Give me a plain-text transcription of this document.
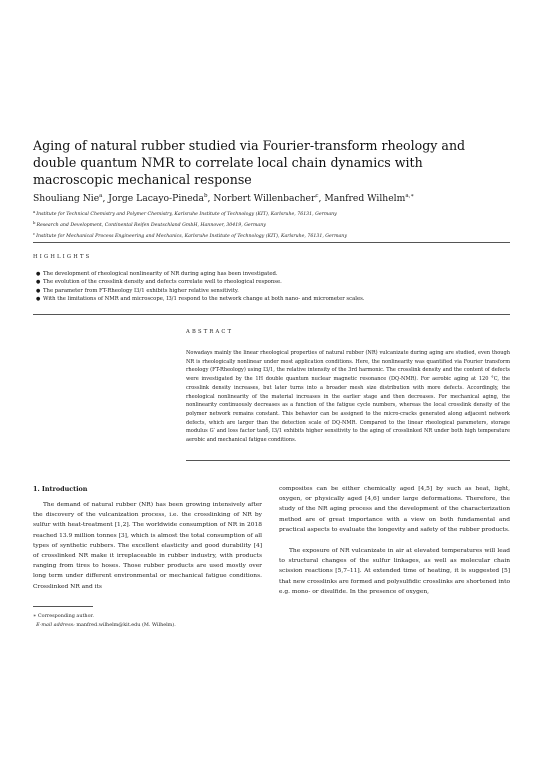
Aging of natural rubber studied via Fourier-transform rheology and double quantum NMR to correlate local chain dynamics with macroscopic mechanical response
Shouliang Nie$^a$, Jorge Lacayo-Pineda$^b$, Norbert Willenbacher$^c$, Manfred Wilhelm$^{a,∗}$
$^a$Institute for Technical Chemistry and Polymer Chemistry, Karlsruhe Institute of Technology (KIT), Karlsruhe, 76131, Germany
$^b$Research and Development, Continental Reifen Deutschland GmbH, Hannover, 30419, Germany
$^c$Institute for Mechanical Process Engineering and Mechanics, Karlsruhe Institute of Technology (KIT), Karlsruhe, 76131, Germany
HIGHLIGHTS
● The development of rheological nonlinearity of NR during aging has been investigated.
● The evolution of the crosslink density and defects correlate well to rheological response.
● The parameter from FT-Rheology I3/1 exhibits higher relative sensitivity.
● With the limitations of NMR and microscope, I3/1 respond to the network change at both nano- and micrometer scales.
ABSTRACT

Nowadays mainly the linear rheological properties of natural rubber (NR) vulcanizate during aging are studied, even though NR is rheologically nonlinear under most application conditions. Here, the nonlinearity was quantified via Fourier transform rheology (FT-Rheology) using I3/1, the relative intensity of the 3rd harmonic. The crosslink density and the content of defects were investigated by the 1H double quantum nuclear magnetic resonance (DQ-NMR). For aerobic aging at 120 °C, the crosslink density increases, but later turns into a broader mesh size distribution with more defects. Accordingly, the rheological nonlinearity of the material increases in the earlier stage and then decreases. For mechanical aging, the nonlinearity continuously decreases as a function of the fatigue cycle numbers, whereas the local crosslink density of the polymer network remains constant. This behavior can be assigned to the micro-cracks generated along adjacent network defects, which are larger than the detection scale of DQ-NMR. Compared to the linear rheological parameters, storage modulus G′ and loss factor tanδ, I3/1 exhibits higher sensitivity to the aging of crosslinked NR under both high temperature aerobic and mechanical fatigue conditions.

1. Introduction

The demand of natural rubber (NR) has been growing intensively after the discovery of the vulcanization process, i.e. the crosslinking of NR by sulfur with heat-treatment [1,2]. The worldwide consumption of NR in 2018 reached 13.9 million tonnes [3], which is almost the total consumption of all types of synthetic rubbers. The excellent elasticity and good durability [4] of crosslinked NR make it irreplaceable in rubber industry, with products ranging from tires to hoses. Those rubber products are used mostly over long term under different environmental or mechanical fatigue conditions. Crosslinked NR and its

composites can be either chemically aged [4,5] by such as heat, light, oxygen, or physically aged [4,6] under large deformations. Therefore, the study of the NR aging process and the development of the characterization method are of great importance with a view on both fundamental and practical aspects to evaluate the longevity and safety of the rubber products.

The exposure of NR vulcanizate in air at elevated temperatures will lead to structural changes of the sulfur linkages, as well as molecular chain scission reactions [5,7–11]. At extended time of heating, it is suggested [5] that new crosslinks are formed and polysulfidic crosslinks are shortened into e.g. mono- or disulfide. In the presence of oxygen,

∗ Corresponding author.
E-mail address: manfred.wilhelm@kit.edu (M. Wilhelm).
